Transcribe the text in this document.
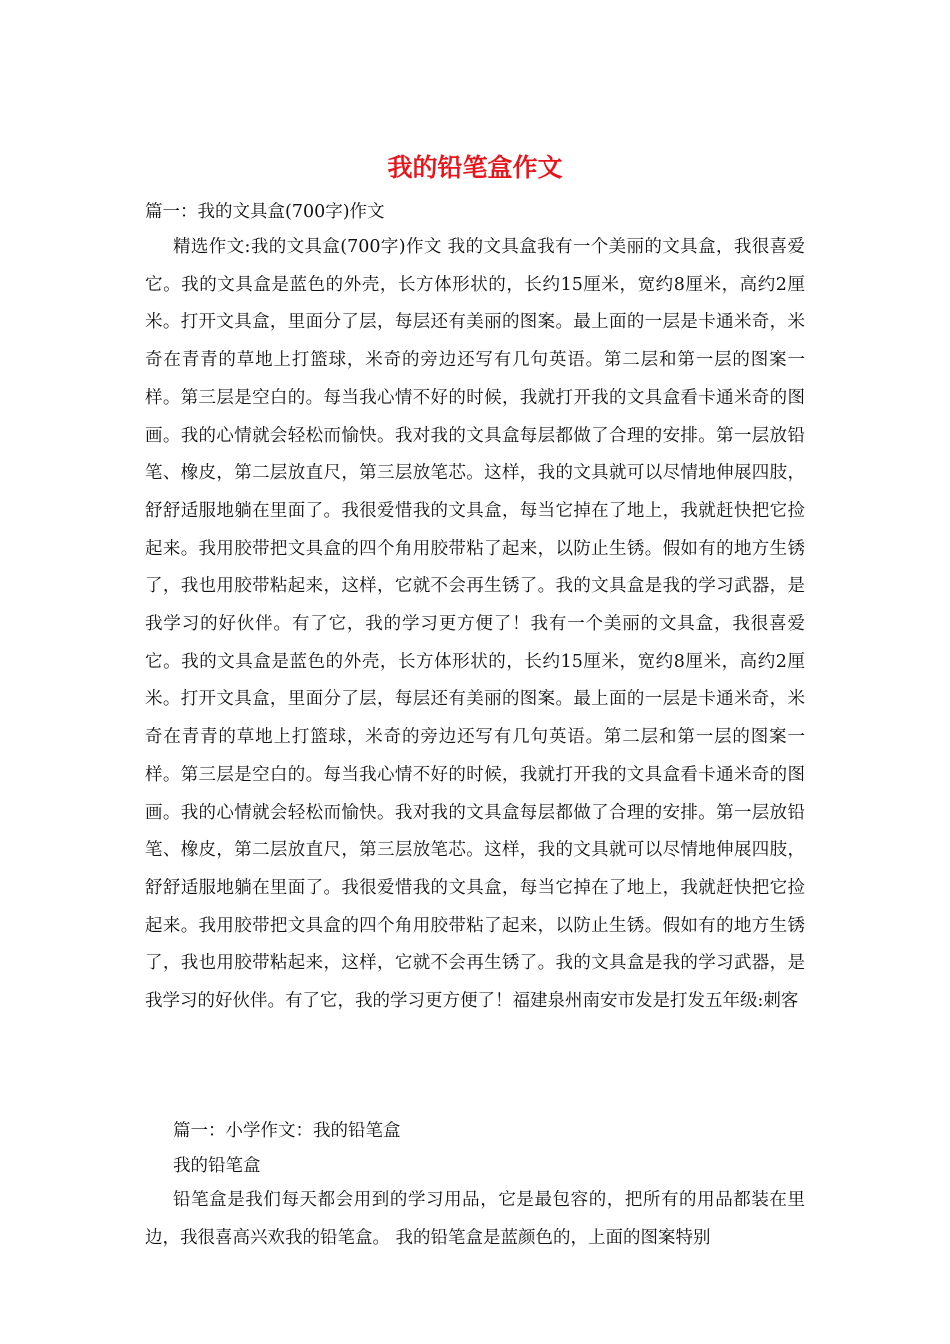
我的铅笔盒作文

篇一：我的文具盒(700字)作文

精选作文:我的文具盒(700字)作文 我的文具盒我有一个美丽的文具盒，我很喜爱它。我的文具盒是蓝色的外壳，长方体形状的，长约15厘米，宽约8厘米，高约2厘米。打开文具盒，里面分了层，每层还有美丽的图案。最上面的一层是卡通米奇，米奇在青青的草地上打篮球，米奇的旁边还写有几句英语。第二层和第一层的图案一样。第三层是空白的。每当我心情不好的时候，我就打开我的文具盒看卡通米奇的图画。我的心情就会轻松而愉快。我对我的文具盒每层都做了合理的安排。第一层放铅笔、橡皮，第二层放直尺，第三层放笔芯。这样，我的文具就可以尽情地伸展四肢，舒舒适服地躺在里面了。我很爱惜我的文具盒，每当它掉在了地上，我就赶快把它捡起来。我用胶带把文具盒的四个角用胶带粘了起来，以防止生锈。假如有的地方生锈了，我也用胶带粘起来，这样，它就不会再生锈了。我的文具盒是我的学习武器，是我学习的好伙伴。有了它，我的学习更方便了！我有一个美丽的文具盒，我很喜爱它。我的文具盒是蓝色的外壳，长方体形状的，长约15厘米，宽约8厘米，高约2厘米。打开文具盒，里面分了层，每层还有美丽的图案。最上面的一层是卡通米奇，米奇在青青的草地上打篮球，米奇的旁边还写有几句英语。第二层和第一层的图案一样。第三层是空白的。每当我心情不好的时候，我就打开我的文具盒看卡通米奇的图画。我的心情就会轻松而愉快。我对我的文具盒每层都做了合理的安排。第一层放铅笔、橡皮，第二层放直尺，第三层放笔芯。这样，我的文具就可以尽情地伸展四肢，舒舒适服地躺在里面了。我很爱惜我的文具盒，每当它掉在了地上，我就赶快把它捡起来。我用胶带把文具盒的四个角用胶带粘了起来，以防止生锈。假如有的地方生锈了，我也用胶带粘起来，这样，它就不会再生锈了。我的文具盒是我的学习武器，是我学习的好伙伴。有了它，我的学习更方便了！福建泉州南安市发是打发五年级:刺客

篇一：小学作文：我的铅笔盒

我的铅笔盒

铅笔盒是我们每天都会用到的学习用品，它是最包容的，把所有的用品都装在里边，我很喜高兴欢我的铅笔盒。 我的铅笔盒是蓝颜色的，上面的图案特别
